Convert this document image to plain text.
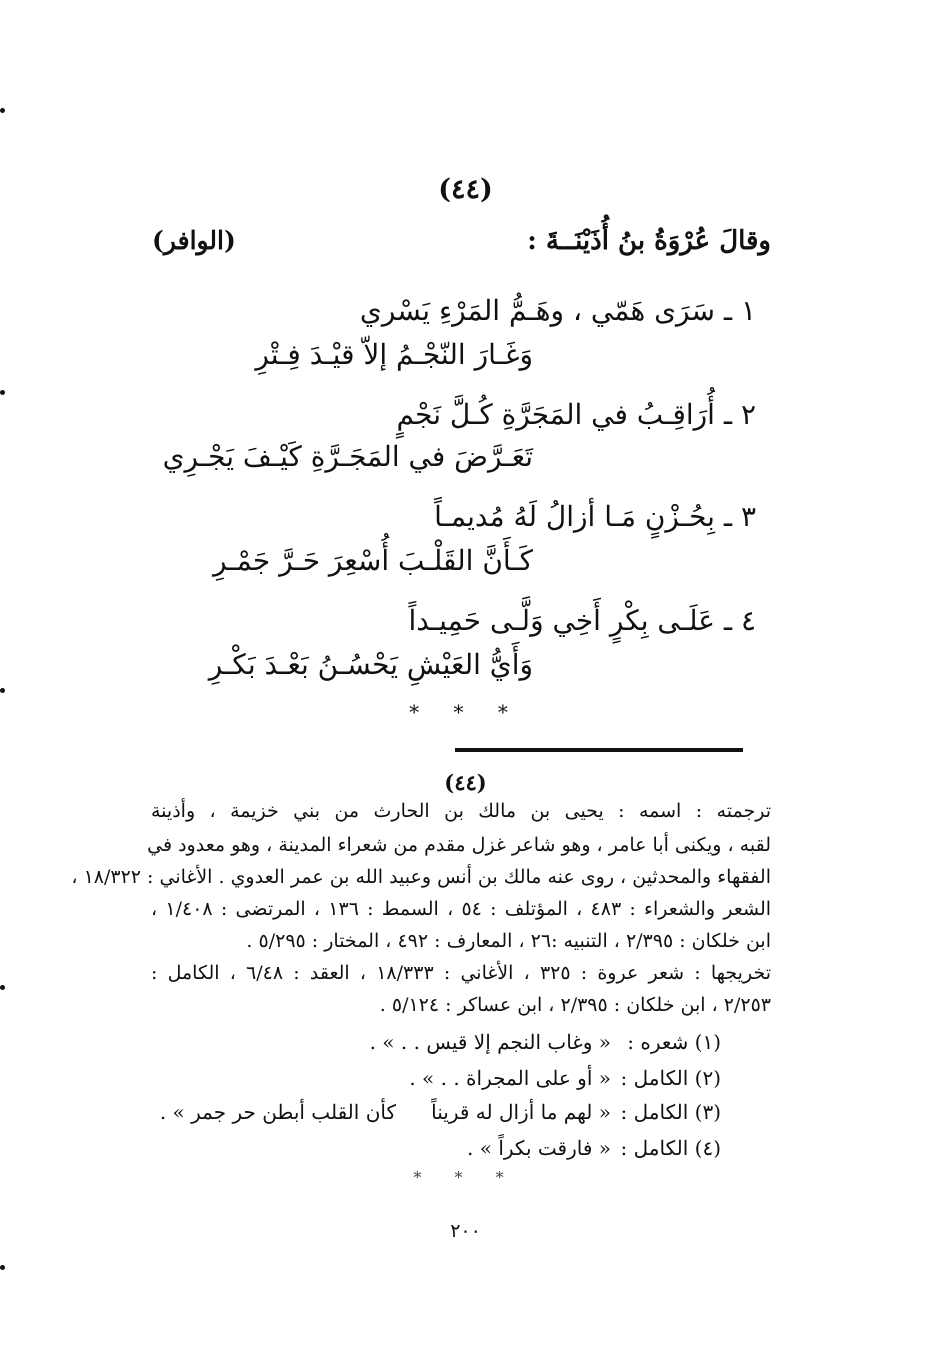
(٤٤)
وقالَ عُرْوَةُ بنُ أُذَيْنَــةَ :
(الوافر)
١ ـ سَرَى هَمّي ، وهَـمُّ المَرْءِ يَسْري
وَغَـارَ النّجْـمُ إلاّ قيْـدَ فِـتْرِ
٢ ـ أُرَاقِـبُ في المَجَرَّةِ كُـلَّ نَجْمٍ
تَعَـرَّضَ في المَجَـرَّةِ كَيْـفَ يَجْـرِي
٣ ـ بِحُـزْنٍ مَـا أزالُ لَهُ مُديمـاً
كَـأَنَّ القَلْـبَ أُسْعِرَ حَـرَّ جَمْـرِ
٤ ـ عَلَـى بِكْرٍ أَخِي وَلَّـى حَمِيـداً
وَأَيُّ العَيْشِ يَحْسُـنُ بَعْـدَ بَكْـرِ
* * *
(٤٤)
ترجمته : اسمه : يحيى بن مالك بن الحارث من بني خزيمة ، وأذينة
لقبه ، ويكنى أبا عامر ، وهو شاعر غزل مقدم من شعراء المدينة ، وهو معدود في
الفقهاء والمحدثين ، روى عنه مالك بن أنس وعبيد الله بن عمر العدوي . الأغاني : ١٨/٣٢٢ ،
الشعر والشعراء : ٤٨٣ ، المؤتلف : ٥٤ ، السمط : ١٣٦ ، المرتضى : ١/٤٠٨ ،
ابن خلكان : ٢/٣٩٥ ، التنبيه :٢٦ ، المعارف : ٤٩٢ ، المختار : ٥/٢٩٥ .
تخريجها : شعر عروة : ٣٢٥ ، الأغاني : ١٨/٣٣٣ ، العقد : ٦/٤٨ ، الكامل :
٢/٢٥٣ ، ابن خلكان : ٢/٣٩٥ ، ابن عساكر : ٥/١٢٤ .
(١) شعره :
« وغاب النجم إلا قيس . . » .
(٢) الكامل :
« أو على المجراة . . » .
(٣) الكامل :
« لهم ما أزال له قريناً
كأن القلب أبطن حر جمر » .
(٤) الكامل :
« فارقت بكراً » .
* * *
٢٠٠
